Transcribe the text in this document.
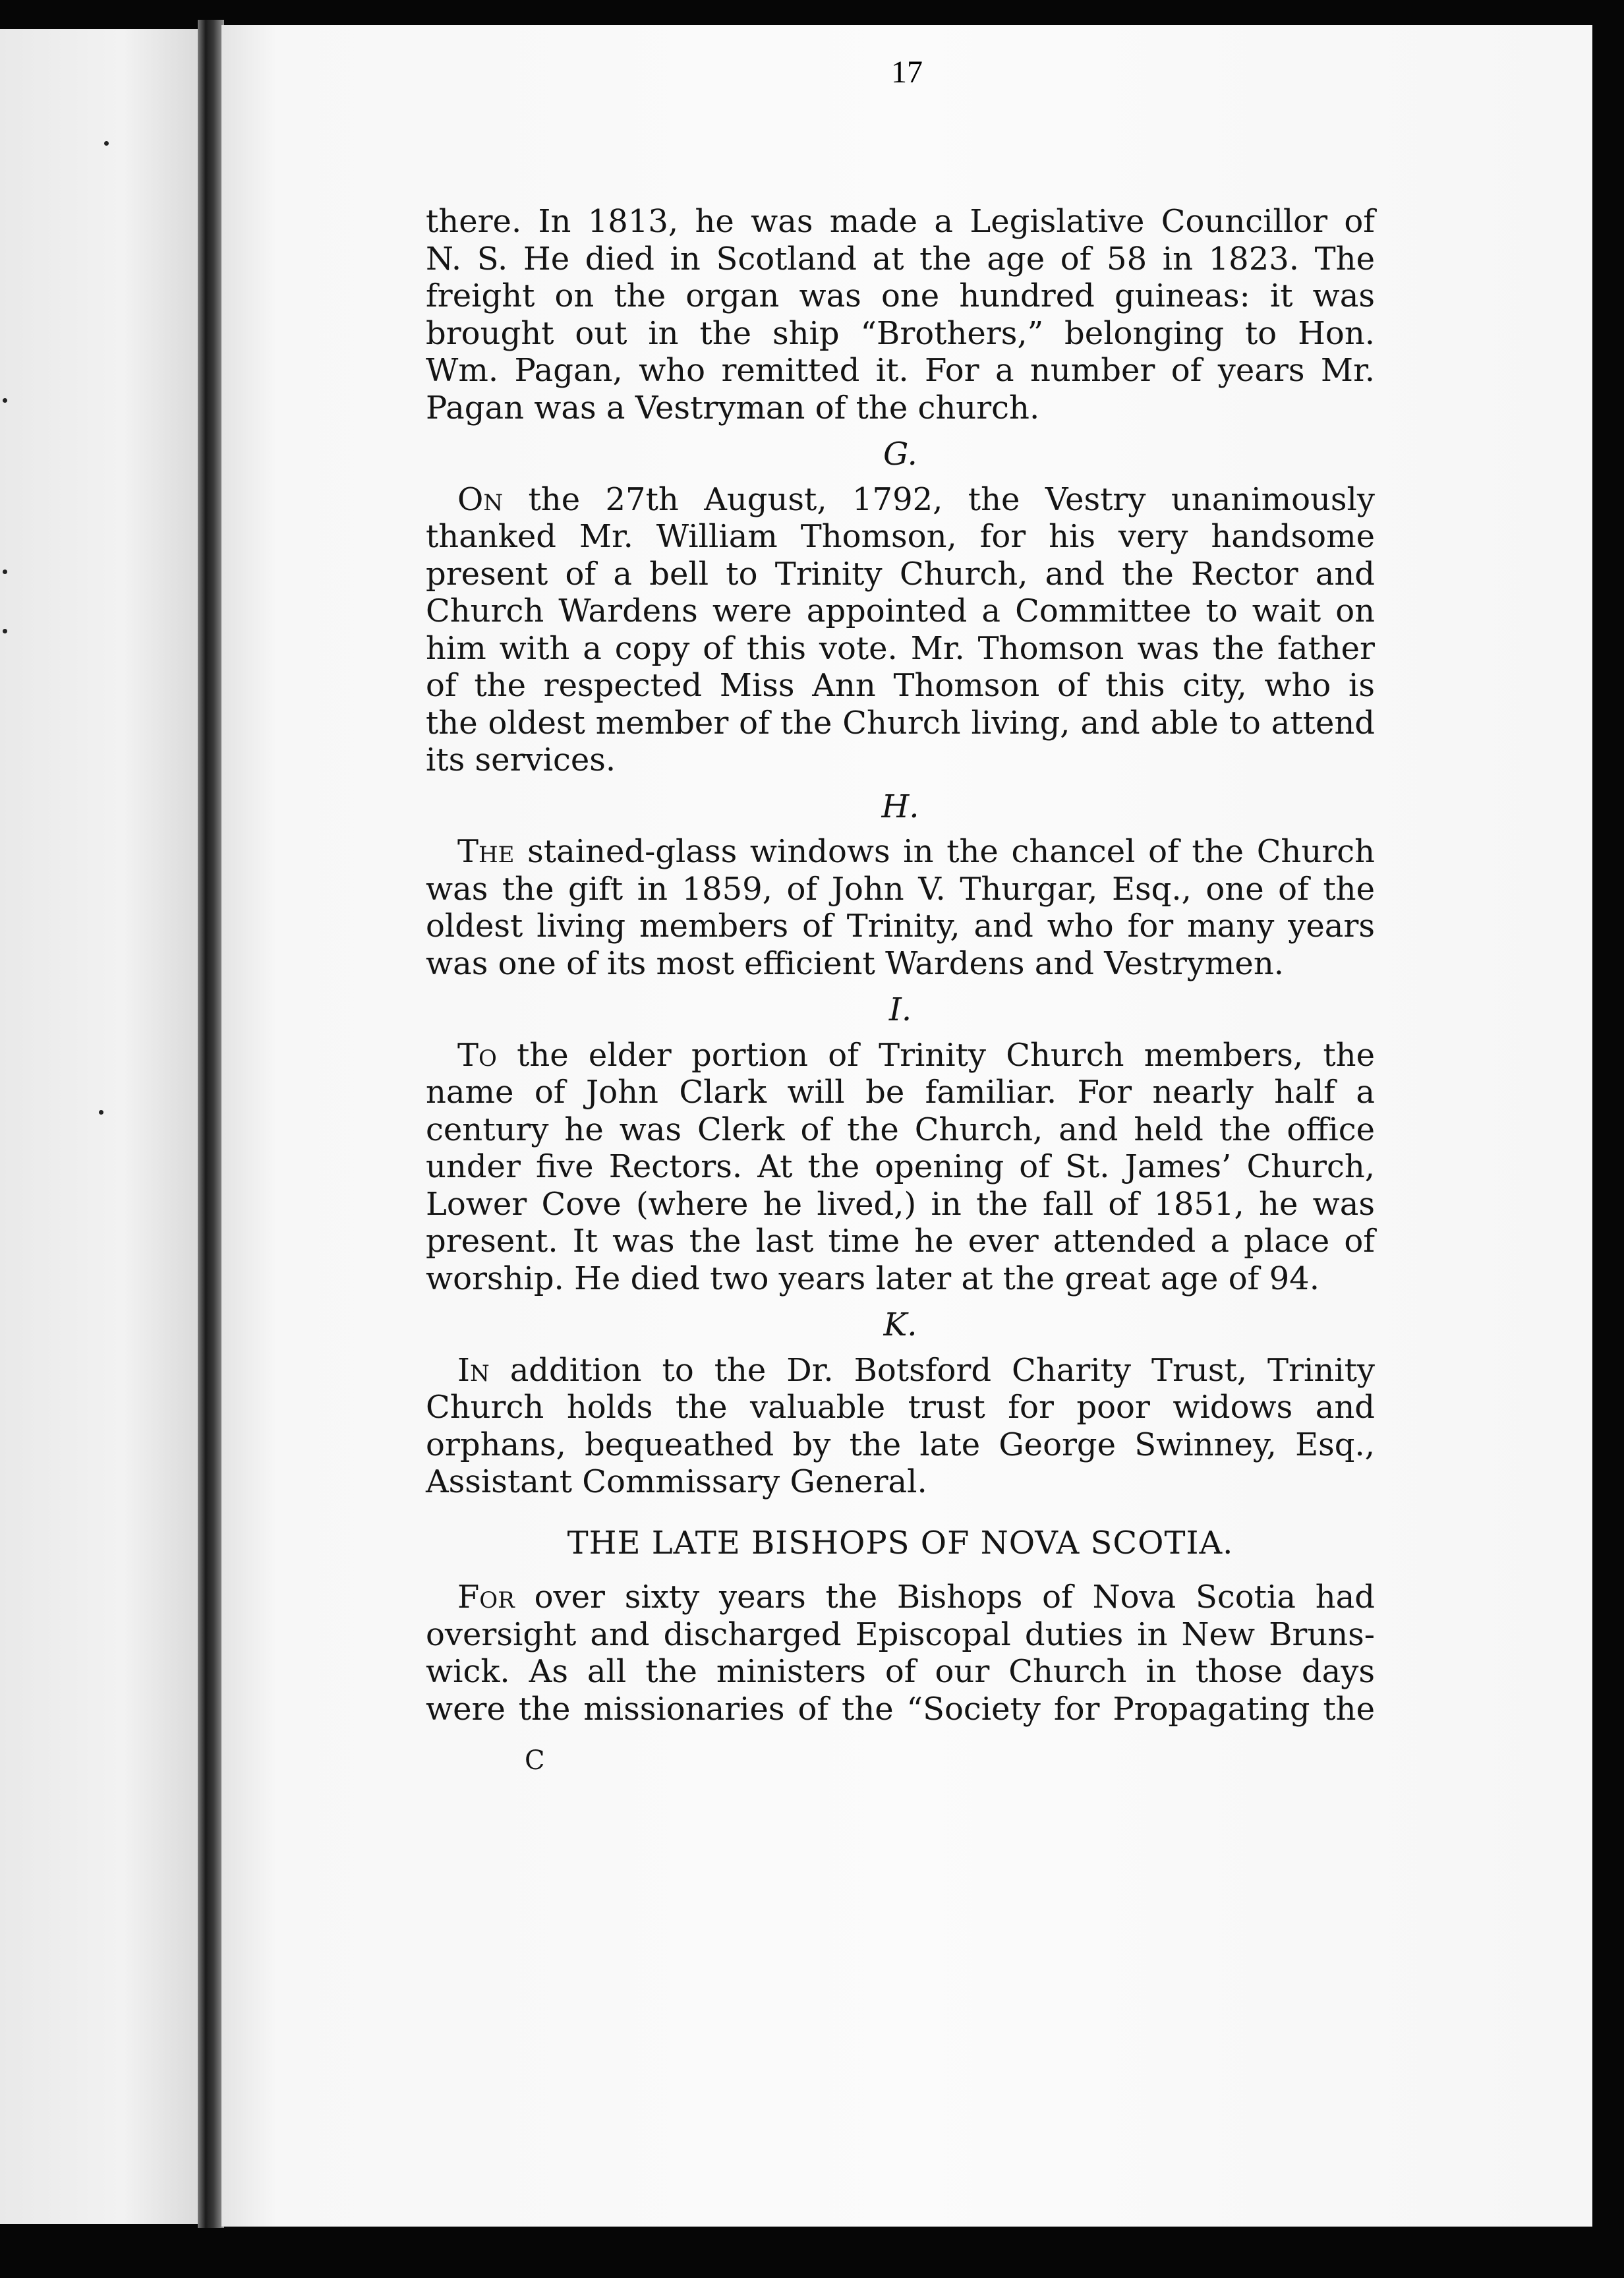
17
there. In 1813, he was made a Legislative Councillor of
N. S. He died in Scotland at the age of 58 in 1823. The
freight on the organ was one hundred guineas: it was
brought out in the ship “Brothers,” belonging to Hon.
Wm. Pagan, who remitted it. For a number of years Mr.
Pagan was a Vestryman of the church.
G.
On the 27th August, 1792, the Vestry unanimously
thanked Mr. William Thomson, for his very handsome
present of a bell to Trinity Church, and the Rector and
Church Wardens were appointed a Committee to wait on
him with a copy of this vote. Mr. Thomson was the father
of the respected Miss Ann Thomson of this city, who is
the oldest member of the Church living, and able to attend
its services.
H.
The stained-glass windows in the chancel of the Church
was the gift in 1859, of John V. Thurgar, Esq., one of the
oldest living members of Trinity, and who for many years
was one of its most efficient Wardens and Vestrymen.
I.
To the elder portion of Trinity Church members, the
name of John Clark will be familiar. For nearly half a
century he was Clerk of the Church, and held the office
under five Rectors. At the opening of St. James’ Church,
Lower Cove (where he lived,) in the fall of 1851, he was
present. It was the last time he ever attended a place of
worship. He died two years later at the great age of 94.
K.
In addition to the Dr. Botsford Charity Trust, Trinity
Church holds the valuable trust for poor widows and
orphans, bequeathed by the late George Swinney, Esq.,
Assistant Commissary General.
THE LATE BISHOPS OF NOVA SCOTIA.
For over sixty years the Bishops of Nova Scotia had
oversight and discharged Episcopal duties in New Bruns-
wick. As all the ministers of our Church in those days
were the missionaries of the “Society for Propagating the
C
